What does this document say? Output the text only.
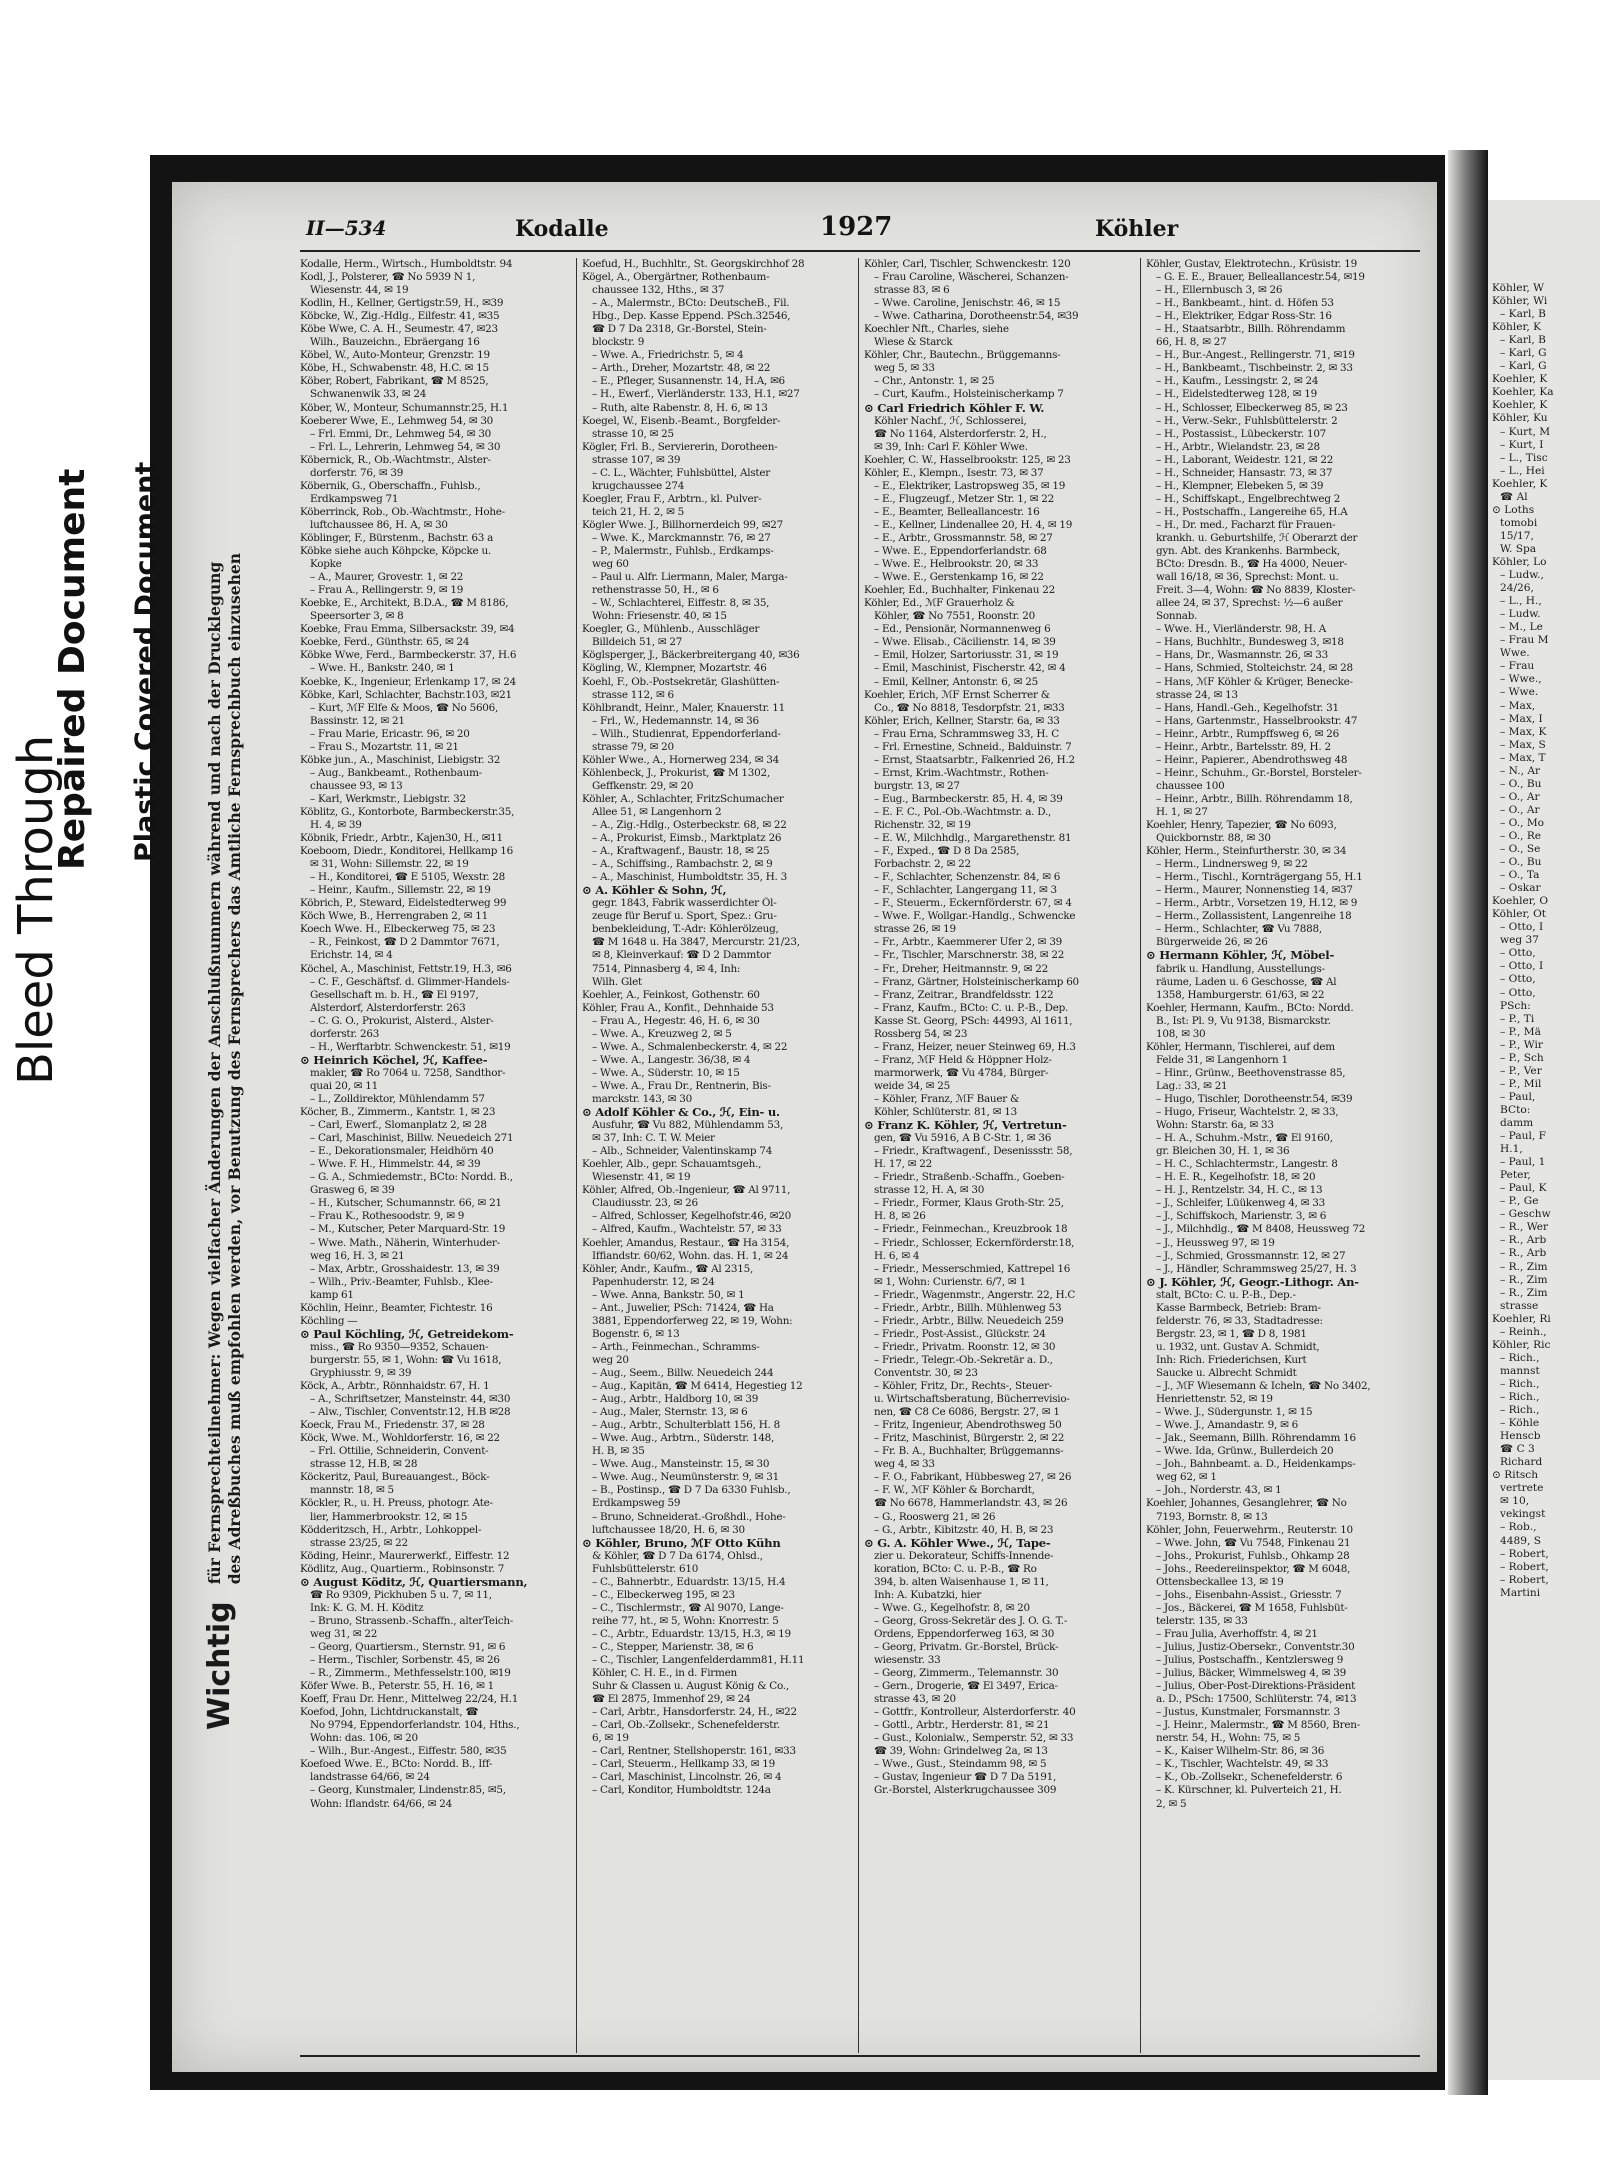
Bleed Through
Repaired Document Plastic Covered Document
Wichtig für Fernsprechteilnehmer: Wegen vielfacher Änderungen der Anschlußnummern während und nach der Drucklegung
des Adreßbuches muß empfohlen werden, vor Benutzung des Fernsprechers das Amtliche Fernsprechbuch einzusehen
II—534	Kodalle	1927	Köhler
Kodalle, Herm., Wirtsch., Humboldtstr. 94
Kodl, J., Polsterer, ☎ No 5939 N 1,
Wiesenstr. 44, ✉ 19
Kodlin, H., Kellner, Gertigstr.59, H., ✉39
Köbcke, W., Zig.-Hdlg., Eilfestr. 41, ✉35
Köbe Wwe, C. A. H., Seumestr. 47, ✉23
Wilh., Bauzeichn., Ebräergang 16
Köbel, W., Auto-Monteur, Grenzstr. 19
Köbe, H., Schwabenstr. 48, H.C. ✉ 15
Köber, Robert, Fabrikant, ☎ M 8525,
Schwanenwik 33, ✉ 24
Köber, W., Monteur, Schumannstr.25, H.1
Koeberer Wwe, E., Lehmweg 54, ✉ 30
– Frl. Emmi, Dr., Lehmweg 54, ✉ 30
– Frl. L., Lehrerin, Lehmweg 54, ✉ 30
Köbernick, R., Ob.-Wachtmstr., Alster-
dorferstr. 76, ✉ 39
Köbernik, G., Oberschaffn., Fuhlsb.,
Erdkampsweg 71
Köberrinck, Rob., Ob.-Wachtmstr., Hohe-
luftchaussee 86, H. A, ✉ 30
Köblinger, F., Bürstenm., Bachstr. 63 a
Köbke siehe auch Köhpcke, Köpcke u.
Kopke
– A., Maurer, Grovestr. 1, ✉ 22
– Frau A., Rellingerstr. 9, ✉ 19
Koebke, E., Architekt, B.D.A., ☎ M 8186,
Speersorter 3, ✉ 8
Koebke, Frau Emma, Silbersackstr. 39, ✉4
Koebke, Ferd., Günthstr. 65, ✉ 24
Köbke Wwe, Ferd., Barmbeckerstr. 37, H.6
– Wwe. H., Bankstr. 240, ✉ 1
Koebke, K., Ingenieur, Erlenkamp 17, ✉ 24
Köbke, Karl, Schlachter, Bachstr.103, ✉21
– Kurt, ℳF Elfe & Moos, ☎ No 5606,
Bassinstr. 12, ✉ 21
– Frau Marie, Ericastr. 96, ✉ 20
– Frau S., Mozartstr. 11, ✉ 21
Köbke jun., A., Maschinist, Liebigstr. 32
– Aug., Bankbeamt., Rothenbaum-
chaussee 93, ✉ 13
– Karl, Werkmstr., Liebigstr. 32
Köblitz, G., Kontorbote, Barmbeckerstr.35,
H. 4, ✉ 39
Köbnik, Friedr., Arbtr., Kajen30, H., ✉11
Koeboom, Diedr., Konditorei, Hellkamp 16
✉ 31, Wohn: Sillemstr. 22, ✉ 19
– H., Konditorei, ☎ E 5105, Wexstr. 28
– Heinr., Kaufm., Sillemstr. 22, ✉ 19
Köbrich, P., Steward, Eidelstedterweg 99
Köch Wwe, B., Herrengraben 2, ✉ 11
Koech Wwe. H., Elbeckerweg 75, ✉ 23
– R., Feinkost, ☎ D 2 Dammtor 7671,
Erichstr. 14, ✉ 4
Köchel, A., Maschinist, Fettstr.19, H.3, ✉6
– C. F., Geschäftsf. d. Glimmer-Handels-
Gesellschaft m. b. H., ☎ El 9197,
Alsterdorf, Alsterdorferstr. 263
– C. G. O., Prokurist, Alsterd., Alster-
dorferstr. 263
– H., Werftarbtr. Schwenckestr. 51, ✉19
⊙ Heinrich Köchel, ℋ, Kaffee-
makler, ☎ Ro 7064 u. 7258, Sandthor-
quai 20, ✉ 11
– L., Zolldirektor, Mühlendamm 57
Köcher, B., Zimmerm., Kantstr. 1, ✉ 23
– Carl, Ewerf., Slomanplatz 2, ✉ 28
– Carl, Maschinist, Billw. Neuedeich 271
– E., Dekorationsmaler, Heidhörn 40
– Wwe. F. H., Himmelstr. 44, ✉ 39
– G. A., Schmiedemstr., BCto: Nordd. B.,
Grasweg 6, ✉ 39
– H., Kutscher, Schumannstr. 66, ✉ 21
– Frau K., Rothesoodstr. 9, ✉ 9
– M., Kutscher, Peter Marquard-Str. 19
– Wwe. Math., Näherin, Winterhuder-
weg 16, H. 3, ✉ 21
– Max, Arbtr., Grosshaidestr. 13, ✉ 39
– Wilh., Priv.-Beamter, Fuhlsb., Klee-
kamp 61
Köchlin, Heinr., Beamter, Fichtestr. 16
Köchling —
⊙ Paul Köchling, ℋ, Getreidekom-
miss., ☎ Ro 9350—9352, Schauen-
burgerstr. 55, ✉ 1, Wohn: ☎ Vu 1618,
Gryphiusstr. 9, ✉ 39
Köck, A., Arbtr., Rönnhaidstr. 67, H. 1
– A., Schriftsetzer, Mansteinstr. 44, ✉30
– Alw., Tischler, Conventstr.12, H.B ✉28
Koeck, Frau M., Friedenstr. 37, ✉ 28
Köck, Wwe. M., Wohldorferstr. 16, ✉ 22
– Frl. Ottilie, Schneiderin, Convent-
strasse 12, H.B, ✉ 28
Köckeritz, Paul, Bureauangest., Böck-
mannstr. 18, ✉ 5
Köckler, R., u. H. Preuss, photogr. Ate-
lier, Hammerbrookstr. 12, ✉ 15
Ködderitzsch, H., Arbtr., Lohkoppel-
strasse 23/25, ✉ 22
Köding, Heinr., Maurerwerkf., Eiffestr. 12
Ködlitz, Aug., Quartierm., Robinsonstr. 7
⊙ August Köditz, ℋ, Quartiersmann,
☎ Ro 9309, Pickhuben 5 u. 7, ✉ 11,
Ink: K. G. M. H. Köditz
– Bruno, Strassenb.-Schaffn., alterTeich-
weg 31, ✉ 22
– Georg, Quartiersm., Sternstr. 91, ✉ 6
– Herm., Tischler, Sorbenstr. 45, ✉ 26
– R., Zimmerm., Methfesselstr.100, ✉19
Köfer Wwe. B., Peterstr. 55, H. 16, ✉ 1
Koeff, Frau Dr. Henr., Mittelweg 22/24, H.1
Koefod, John, Lichtdruckanstalt, ☎
No 9794, Eppendorferlandstr. 104, Hths.,
Wohn: das. 106, ✉ 20
– Wilh., Bur.-Angest., Eiffestr. 580, ✉35
Koefoed Wwe. E., BCto: Nordd. B., Iff-
landstrasse 64/66, ✉ 24
– Georg, Kunstmaler, Lindenstr.85, ✉5,
Wohn: Iflandstr. 64/66, ✉ 24
Koefud, H., Buchhltr., St. Georgskirchhof 28
Kögel, A., Obergärtner, Rothenbaum-
chaussee 132, Hths., ✉ 37
– A., Malermstr., BCto: DeutscheB., Fil.
Hbg., Dep. Kasse Eppend. PSch.32546,
☎ D 7 Da 2318, Gr.-Borstel, Stein-
blockstr. 9
– Wwe. A., Friedrichstr. 5, ✉ 4
– Arth., Dreher, Mozartstr. 48, ✉ 22
– E., Pfleger, Susannenstr. 14, H.A, ✉6
– H., Ewerf., Vierländerstr. 133, H.1, ✉27
– Ruth, alte Rabenstr. 8, H. 6, ✉ 13
Koegel, W., Eisenb.-Beamt., Borgfelder-
strasse 10, ✉ 25
Kögler, Frl. B., Serviererin, Dorotheen-
strasse 107, ✉ 39
– C. L., Wächter, Fuhlsbüttel, Alster
krugchaussee 274
Koegler, Frau F., Arbtrn., kl. Pulver-
teich 21, H. 2, ✉ 5
Kögler Wwe. J., Billhornerdeich 99, ✉27
– Wwe. K., Marckmannstr. 76, ✉ 27
– P., Malermstr., Fuhlsb., Erdkamps-
weg 60
– Paul u. Alfr. Liermann, Maler, Marga-
rethenstrasse 50, H., ✉ 6
– W., Schlachterei, Eiffestr. 8, ✉ 35,
Wohn: Friesenstr. 40, ✉ 15
Koegler, G., Mühlenb., Ausschläger
Billdeich 51, ✉ 27
Köglsperger, J., Bäckerbreitergang 40, ✉36
Kögling, W., Klempner, Mozartstr. 46
Koehl, F., Ob.-Postsekretär, Glashütten-
strasse 112, ✉ 6
Köhlbrandt, Heinr., Maler, Knauerstr. 11
– Frl., W., Hedemannstr. 14, ✉ 36
– Wilh., Studienrat, Eppendorferland-
strasse 79, ✉ 20
Köhler Wwe., A., Hornerweg 234, ✉ 34
Köhlenbeck, J., Prokurist, ☎ M 1302,
Geffkenstr. 29, ✉ 20
Köhler, A., Schlachter, FritzSchumacher
Allee 51, ✉ Langenhorn 2
– A., Zig.-Hdlg., Osterbeckstr. 68, ✉ 22
– A., Prokurist, Eimsb., Marktplatz 26
– A., Kraftwagenf., Baustr. 18, ✉ 25
– A., Schiffsing., Rambachstr. 2, ✉ 9
– A., Maschinist, Humboldtstr. 35, H. 3
⊙ A. Köhler & Sohn, ℋ,
gegr. 1843, Fabrik wasserdichter Öl-
zeuge für Beruf u. Sport, Spez.: Gru-
benbekleidung, T.-Adr: Köhlerölzeug,
☎ M 1648 u. Ha 3847, Mercurstr. 21/23,
✉ 8, Kleinverkauf: ☎ D 2 Dammtor
7514, Pinnasberg 4, ✉ 4, Inh:
Wilh. Glet
Koehler, A., Feinkost, Gothenstr. 60
Köhler, Frau A., Konfit., Dehnhaide 53
– Frau A., Hegestr. 46, H. 6, ✉ 30
– Wwe. A., Kreuzweg 2, ✉ 5
– Wwe. A., Schmalenbeckerstr. 4, ✉ 22
– Wwe. A., Langestr. 36/38, ✉ 4
– Wwe. A., Süderstr. 10, ✉ 15
– Wwe. A., Frau Dr., Rentnerin, Bis-
marckstr. 143, ✉ 30
⊙ Adolf Köhler & Co., ℋ, Ein- u.
Ausfuhr, ☎ Vu 882, Mühlendamm 53,
✉ 37, Inh: C. T. W. Meier
– Alb., Schneider, Valentinskamp 74
Koehler, Alb., gepr. Schauamtsgeh.,
Wiesenstr. 41, ✉ 19
Köhler, Alfred, Ob.-Ingenieur, ☎ Al 9711,
Claudiusstr. 23, ✉ 26
– Alfred, Schlosser, Kegelhofstr.46, ✉20
– Alfred, Kaufm., Wachtelstr. 57, ✉ 33
Koehler, Amandus, Restaur., ☎ Ha 3154,
Iffiandstr. 60/62, Wohn. das. H. 1, ✉ 24
Köhler, Andr., Kaufm., ☎ Al 2315,
Papenhuderstr. 12, ✉ 24
– Wwe. Anna, Bankstr. 50, ✉ 1
– Ant., Juwelier, PSch: 71424, ☎ Ha
3881, Eppendorferweg 22, ✉ 19, Wohn:
Bogenstr. 6, ✉ 13
– Arth., Feinmechan., Schramms-
weg 20
– Aug., Seem., Billw. Neuedeich 244
– Aug., Kapitän, ☎ M 6414, Hegestieg 12
– Aug., Arbtr., Haldborg 10, ✉ 39
– Aug., Maler, Sternstr. 13, ✉ 6
– Aug., Arbtr., Schulterblatt 156, H. 8
– Wwe. Aug., Arbtrn., Süderstr. 148,
H. B, ✉ 35
– Wwe. Aug., Mansteinstr. 15, ✉ 30
– Wwe. Aug., Neumünsterstr. 9, ✉ 31
– B., Postinsp., ☎ D 7 Da 6330 Fuhlsb.,
Erdkampsweg 59
– Bruno, Schneiderat.-Großhdl., Hohe-
luftchaussee 18/20, H. 6, ✉ 30
⊙ Köhler, Bruno, ℳF Otto Kühn
& Köhler, ☎ D 7 Da 6174, Ohlsd.,
Fuhlsbüttelerstr. 610
– C., Bahnerbtr., Eduardstr. 13/15, H.4
– C., Elbeckerweg 195, ✉ 23
– C., Tischlermstr., ☎ Al 9070, Lange-
reihe 77, ht., ✉ 5, Wohn: Knorrestr. 5
– C., Arbtr., Eduardstr. 13/15, H.3, ✉ 19
– C., Stepper, Marienstr. 38, ✉ 6
– C., Tischler, Langenfelderdamm81, H.11
Köhler, C. H. E., in d. Firmen
Suhr & Classen u. August König & Co.,
☎ El 2875, Immenhof 29, ✉ 24
– Carl, Arbtr., Hansdorferstr. 24, H., ✉22
– Carl, Ob.-Zollsekr., Schenefelderstr.
6, ✉ 19
– Carl, Rentner, Stellshoperstr. 161, ✉33
– Carl, Steuerm., Hellkamp 33, ✉ 19
– Carl, Maschinist, Lincolnstr. 26, ✉ 4
– Carl, Konditor, Humboldtstr. 124a
Köhler, Carl, Tischler, Schwenckestr. 120
– Frau Caroline, Wäscherei, Schanzen-
strasse 83, ✉ 6
– Wwe. Caroline, Jenischstr. 46, ✉ 15
– Wwe. Catharina, Dorotheenstr.54, ✉39
Koechler Nft., Charles, siehe
Wiese & Starck
Köhler, Chr., Bautechn., Brüggemanns-
weg 5, ✉ 33
– Chr., Antonstr. 1, ✉ 25
– Curt, Kaufm., Holsteinischerkamp 7
⊙ Carl Friedrich Köhler F. W.
Köhler Nachf., ℋ, Schlosserei,
☎ No 1164, Alsterdorferstr. 2, H.,
✉ 39, Inh: Carl F. Köhler Wwe.
Koehler, C. W., Hasselbrookstr. 125, ✉ 23
Köhler, E., Klempn., Isestr. 73, ✉ 37
– E., Elektriker, Lastropsweg 35, ✉ 19
– E., Flugzeugf., Metzer Str. 1, ✉ 22
– E., Beamter, Belleallancestr. 16
– E., Kellner, Lindenallee 20, H. 4, ✉ 19
– E., Arbtr., Grossmannstr. 58, ✉ 27
– Wwe. E., Eppendorferlandstr. 68
– Wwe. E., Helbrookstr. 20, ✉ 33
– Wwe. E., Gerstenkamp 16, ✉ 22
Koehler, Ed., Buchhalter, Finkenau 22
Köhler, Ed., ℳF Grauerholz &
Köhler, ☎ No 7551, Roonstr. 20
– Ed., Pensionär, Normannenweg 6
– Wwe. Elisab., Cäcilienstr. 14, ✉ 39
– Emil, Holzer, Sartoriusstr. 31, ✉ 19
– Emil, Maschinist, Fischerstr. 42, ✉ 4
– Emil, Kellner, Antonstr. 6, ✉ 25
Koehler, Erich, ℳF Ernst Scherrer &
Co., ☎ No 8818, Tesdorpfstr. 21, ✉33
Köhler, Erich, Kellner, Starstr. 6a, ✉ 33
– Frau Erna, Schrammsweg 33, H. C
– Frl. Ernestine, Schneid., Balduinstr. 7
– Ernst, Staatsarbtr., Falkenried 26, H.2
– Ernst, Krim.-Wachtmstr., Rothen-
burgstr. 13, ✉ 27
– Eug., Barmbeckerstr. 85, H. 4, ✉ 39
– E. F. C., Pol.-Ob.-Wachtmstr. a. D.,
Richenstr. 32, ✉ 19
– E. W., Milchhdlg., Margarethenstr. 81
– F., Exped., ☎ D 8 Da 2585,
Forbachstr. 2, ✉ 22
– F., Schlachter, Schenzenstr. 84, ✉ 6
– F., Schlachter, Langergang 11, ✉ 3
– F., Steuerm., Eckernförderstr. 67, ✉ 4
– Wwe. F., Wollgar.-Handlg., Schwencke
strasse 26, ✉ 19
– Fr., Arbtr., Kaemmerer Ufer 2, ✉ 39
– Fr., Tischler, Marschnerstr. 38, ✉ 22
– Fr., Dreher, Heitmannstr. 9, ✉ 22
– Franz, Gärtner, Holsteinischerkamp 60
– Franz, Zeitrar., Brandfeldsstr. 122
– Franz, Kaufm., BCto: C. u. P.-B., Dep.
Kasse St. Georg, PSch: 44993, Al 1611,
Rossberg 54, ✉ 23
– Franz, Heizer, neuer Steinweg 69, H.3
– Franz, ℳF Held & Höppner Holz-
marmorwerk, ☎ Vu 4784, Bürger-
weide 34, ✉ 25
– Köhler, Franz, ℳF Bauer &
Köhler, Schlüterstr. 81, ✉ 13
⊙ Franz K. Köhler, ℋ, Vertretun-
gen, ☎ Vu 5916, A B C-Str. 1, ✉ 36
– Friedr., Kraftwagenf., Desenissstr. 58,
H. 17, ✉ 22
– Friedr., Straßenb.-Schaffn., Goeben-
strasse 12, H. A, ✉ 30
– Friedr., Former, Klaus Groth-Str. 25,
H. 8, ✉ 26
– Friedr., Feinmechan., Kreuzbrook 18
– Friedr., Schlosser, Eckernförderstr.18,
H. 6, ✉ 4
– Friedr., Messerschmied, Kattrepel 16
✉ 1, Wohn: Curienstr. 6/7, ✉ 1
– Friedr., Wagenmstr., Angerstr. 22, H.C
– Friedr., Arbtr., Billh. Mühlenweg 53
– Friedr., Arbtr., Billw. Neuedeich 259
– Friedr., Post-Assist., Glückstr. 24
– Friedr., Privatm. Roonstr. 12, ✉ 30
– Friedr., Telegr.-Ob.-Sekretär a. D.,
Conventstr. 30, ✉ 23
– Köhler, Fritz, Dr., Rechts-, Steuer-
u. Wirtschaftsberatung, Bücherrevisio-
nen, ☎ C8 Ce 6086, Bergstr. 27, ✉ 1
– Fritz, Ingenieur, Abendrothsweg 50
– Fritz, Maschinist, Bürgerstr. 2, ✉ 22
– Fr. B. A., Buchhalter, Brüggemanns-
weg 4, ✉ 33
– F. O., Fabrikant, Hübbesweg 27, ✉ 26
– F. W., ℳF Köhler & Borchardt,
☎ No 6678, Hammerlandstr. 43, ✉ 26
– G., Rooswerg 21, ✉ 26
– G., Arbtr., Kibitzstr. 40, H. B, ✉ 23
⊙ G. A. Köhler Wwe., ℋ, Tape-
zier u. Dekorateur, Schiffs-Innende-
koration, BCto: C. u. P.-B., ☎ Ro
394, b. alten Waisenhause 1, ✉ 11,
Inh: A. Kubatzki, hier
– Wwe. G., Kegelhofstr. 8, ✉ 20
– Georg, Gross-Sekretär des J. O. G. T.-
Ordens, Eppendorferweg 163, ✉ 30
– Georg, Privatm. Gr.-Borstel, Brück-
wiesenstr. 33
– Georg, Zimmerm., Telemannstr. 30
– Gern., Drogerie, ☎ El 3497, Erica-
strasse 43, ✉ 20
– Gottfr., Kontrolleur, Alsterdorferstr. 40
– Gottl., Arbtr., Herderstr. 81, ✉ 21
– Gust., Kolonialw., Semperstr. 52, ✉ 33
☎ 39, Wohn: Grindelweg 2a, ✉ 13
– Wwe., Gust., Steindamm 98, ✉ 5
– Gustav, Ingenieur ☎ D 7 Da 5191,
Gr.-Borstel, Alsterkrugchaussee 309
Köhler, Gustav, Elektrotechn., Krüsistr. 19
– G. E. E., Brauer, Belleallancestr.54, ✉19
– H., Ellernbusch 3, ✉ 26
– H., Bankbeamt., hint. d. Höfen 53
– H., Elektriker, Edgar Ross-Str. 16
– H., Staatsarbtr., Billh. Röhrendamm
66, H. 8, ✉ 27
– H., Bur.-Angest., Rellingerstr. 71, ✉19
– H., Bankbeamt., Tischbeinstr. 2, ✉ 33
– H., Kaufm., Lessingstr. 2, ✉ 24
– H., Eidelstedterweg 128, ✉ 19
– H., Schlosser, Elbeckerweg 85, ✉ 23
– H., Verw.-Sekr., Fuhlsbüttelerstr. 2
– H., Postassist., Lübeckerstr. 107
– H., Arbtr., Wielandstr. 23, ✉ 28
– H., Laborant, Weidestr. 121, ✉ 22
– H., Schneider, Hansastr. 73, ✉ 37
– H., Klempner, Elebeken 5, ✉ 39
– H., Schiffskapt., Engelbrechtweg 2
– H., Postschaffn., Langereihe 65, H.A
– H., Dr. med., Facharzt für Frauen-
krankh. u. Geburtshilfe, ℋ Oberarzt der
gyn. Abt. des Krankenhs. Barmbeck,
BCto: Dresdn. B., ☎ Ha 4000, Neuer-
wall 16/18, ✉ 36, Sprechst: Mont. u.
Freit. 3—4, Wohn: ☎ No 8839, Kloster-
allee 24, ✉ 37, Sprechst: ½—6 außer
Sonnab.
– Wwe. H., Vierländerstr. 98, H. A
– Hans, Buchhltr., Bundesweg 3, ✉18
– Hans, Dr., Wasmannstr. 26, ✉ 33
– Hans, Schmied, Stolteichstr. 24, ✉ 28
– Hans, ℳF Köhler & Krüger, Benecke-
strasse 24, ✉ 13
– Hans, Handl.-Geh., Kegelhofstr. 31
– Hans, Gartenmstr., Hasselbrookstr. 47
– Heinr., Arbtr., Rumpffsweg 6, ✉ 26
– Heinr., Arbtr., Bartelsstr. 89, H. 2
– Heinr., Papierer., Abendrothsweg 48
– Heinr., Schuhm., Gr.-Borstel, Borsteler-
chaussee 100
– Heinr., Arbtr., Billh. Röhrendamm 18,
H. 1, ✉ 27
Koehler, Henry, Tapezier, ☎ No 6093,
Quickbornstr. 88, ✉ 30
Köhler, Herm., Steinfurtherstr. 30, ✉ 34
– Herm., Lindnersweg 9, ✉ 22
– Herm., Tischl., Kornträgergang 55, H.1
– Herm., Maurer, Nonnenstieg 14, ✉37
– Herm., Arbtr., Vorsetzen 19, H.12, ✉ 9
– Herm., Zollassistent, Langenreihe 18
– Herm., Schlachter, ☎ Vu 7888,
Bürgerweide 26, ✉ 26
⊙ Hermann Köhler, ℋ, Möbel-
fabrik u. Handlung, Ausstellungs-
räume, Laden u. 6 Geschosse, ☎ Al
1358, Hamburgerstr. 61/63, ✉ 22
Koehler, Hermann, Kaufm., BCto: Nordd.
B., Ist: Pl. 9, Vu 9138, Bismarckstr.
108, ✉ 30
Köhler, Hermann, Tischlerei, auf dem
Felde 31, ✉ Langenhorn 1
– Hinr., Grünw., Beethovenstrasse 85,
Lag.: 33, ✉ 21
– Hugo, Tischler, Dorotheenstr.54, ✉39
– Hugo, Friseur, Wachtelstr. 2, ✉ 33,
Wohn: Starstr. 6a, ✉ 33
– H. A., Schuhm.-Mstr., ☎ El 9160,
gr. Bleichen 30, H. 1, ✉ 36
– H. C., Schlachtermstr., Langestr. 8
– H. E. R., Kegelhofstr. 18, ✉ 20
– H. J., Rentzelstr. 34, H. C., ✉ 13
– J., Schleifer, Lüükenweg 4, ✉ 33
– J., Schiffskoch, Marienstr. 3, ✉ 6
– J., Milchhdlg., ☎ M 8408, Heussweg 72
– J., Heussweg 97, ✉ 19
– J., Schmied, Grossmannstr. 12, ✉ 27
– J., Händler, Schrammsweg 25/27, H. 3
⊙ J. Köhler, ℋ, Geogr.-Lithogr. An-
stalt, BCto: C. u. P.-B., Dep.-
Kasse Barmbeck, Betrieb: Bram-
felderstr. 76, ✉ 33, Stadtadresse:
Bergstr. 23, ✉ 1, ☎ D 8, 1981
u. 1932, unt. Gustav A. Schmidt,
Inh: Rich. Friederichsen, Kurt
Saucke u. Albrecht Schmidt
– J., ℳF Wiesemann & Icheln, ☎ No 3402,
Henriettenstr. 52, ✉ 19
– Wwe. J., Südergunstr. 1, ✉ 15
– Wwe. J., Amandastr. 9, ✉ 6
– Jak., Seemann, Billh. Röhrendamm 16
– Wwe. Ida, Grünw., Bullerdeich 20
– Joh., Bahnbeamt. a. D., Heidenkamps-
weg 62, ✉ 1
– Joh., Norderstr. 43, ✉ 1
Koehler, Johannes, Gesanglehrer, ☎ No
7193, Bornstr. 8, ✉ 13
Köhler, John, Feuerwehrm., Reuterstr. 10
– Wwe. John, ☎ Vu 7548, Finkenau 21
– Johs., Prokurist, Fuhlsb., Ohkamp 28
– Johs., Reedereiinspektor, ☎ M 6048,
Ottensbeckallee 13, ✉ 19
– Johs., Eisenbahn-Assist., Griesstr. 7
– Jos., Bäckerei, ☎ M 1658, Fuhlsbüt-
telerstr. 135, ✉ 33
– Frau Julia, Averhoffstr. 4, ✉ 21
– Julius, Justiz-Obersekr., Conventstr.30
– Julius, Postschaffn., Kentzlersweg 9
– Julius, Bäcker, Wimmelsweg 4, ✉ 39
– Julius, Ober-Post-Direktions-Präsident
a. D., PSch: 17500, Schlüterstr. 74, ✉13
– Justus, Kunstmaler, Forsmannstr. 3
– J. Heinr., Malermstr., ☎ M 8560, Bren-
nerstr. 54, H., Wohn: 75, ✉ 5
– K., Kaiser Wilhelm-Str. 86, ✉ 36
– K., Tischler, Wachtelstr. 49, ✉ 33
– K., Ob.-Zollsekr., Schenefelderstr. 6
– K. Kürschner, kl. Pulverteich 21, H.
2, ✉ 5
Köhler, W
Köhler, Wi
– Karl, B
Köhler, K
– Karl, B
– Karl, G
– Karl, G
Koehler, K
Koehler, Ka
Koehler, K
Köhler, Ku
– Kurt, M
– Kurt, I
– L., Tisc
– L., Hei
Koehler, K
☎ Al
⊙ Loths
tomobi
15/17,
W. Spa
Köhler, Lo
– Ludw.,
24/26,
– L., H.,
– Ludw.
– M., Le
– Frau M
Wwe.
– Frau
– Wwe.,
– Wwe.
– Max,
– Max, I
– Max, K
– Max, S
– Max, T
– N., Ar
– O., Bu
– O., Ar
– O., Ar
– O., Mo
– O., Re
– O., Se
– O., Bu
– O., Ta
– Oskar
Koehler, O
Köhler, Ot
– Otto, I
weg 37
– Otto,
– Otto, I
– Otto,
– Otto,
PSch:
– P., Ti
– P., Mä
– P., Wir
– P., Sch
– P., Ver
– P., Mil
– Paul,
BCto:
damm
– Paul, F
H.1,
– Paul, 1
Peter,
– Paul, K
– P., Ge
– Geschw
– R., Wer
– R., Arb
– R., Arb
– R., Zim
– R., Zim
– R., Zim
strasse
Koehler, Ri
– Reinh.,
Köhler, Ric
– Rich.,
mannst
– Rich.,
– Rich.,
– Rich.,
– Köhle
Henscb
☎ C 3
Richard
⊙ Ritsch
vertrete
✉ 10,
vekingst
– Rob.,
4489, S
– Robert,
– Robert,
– Robert,
Martini
